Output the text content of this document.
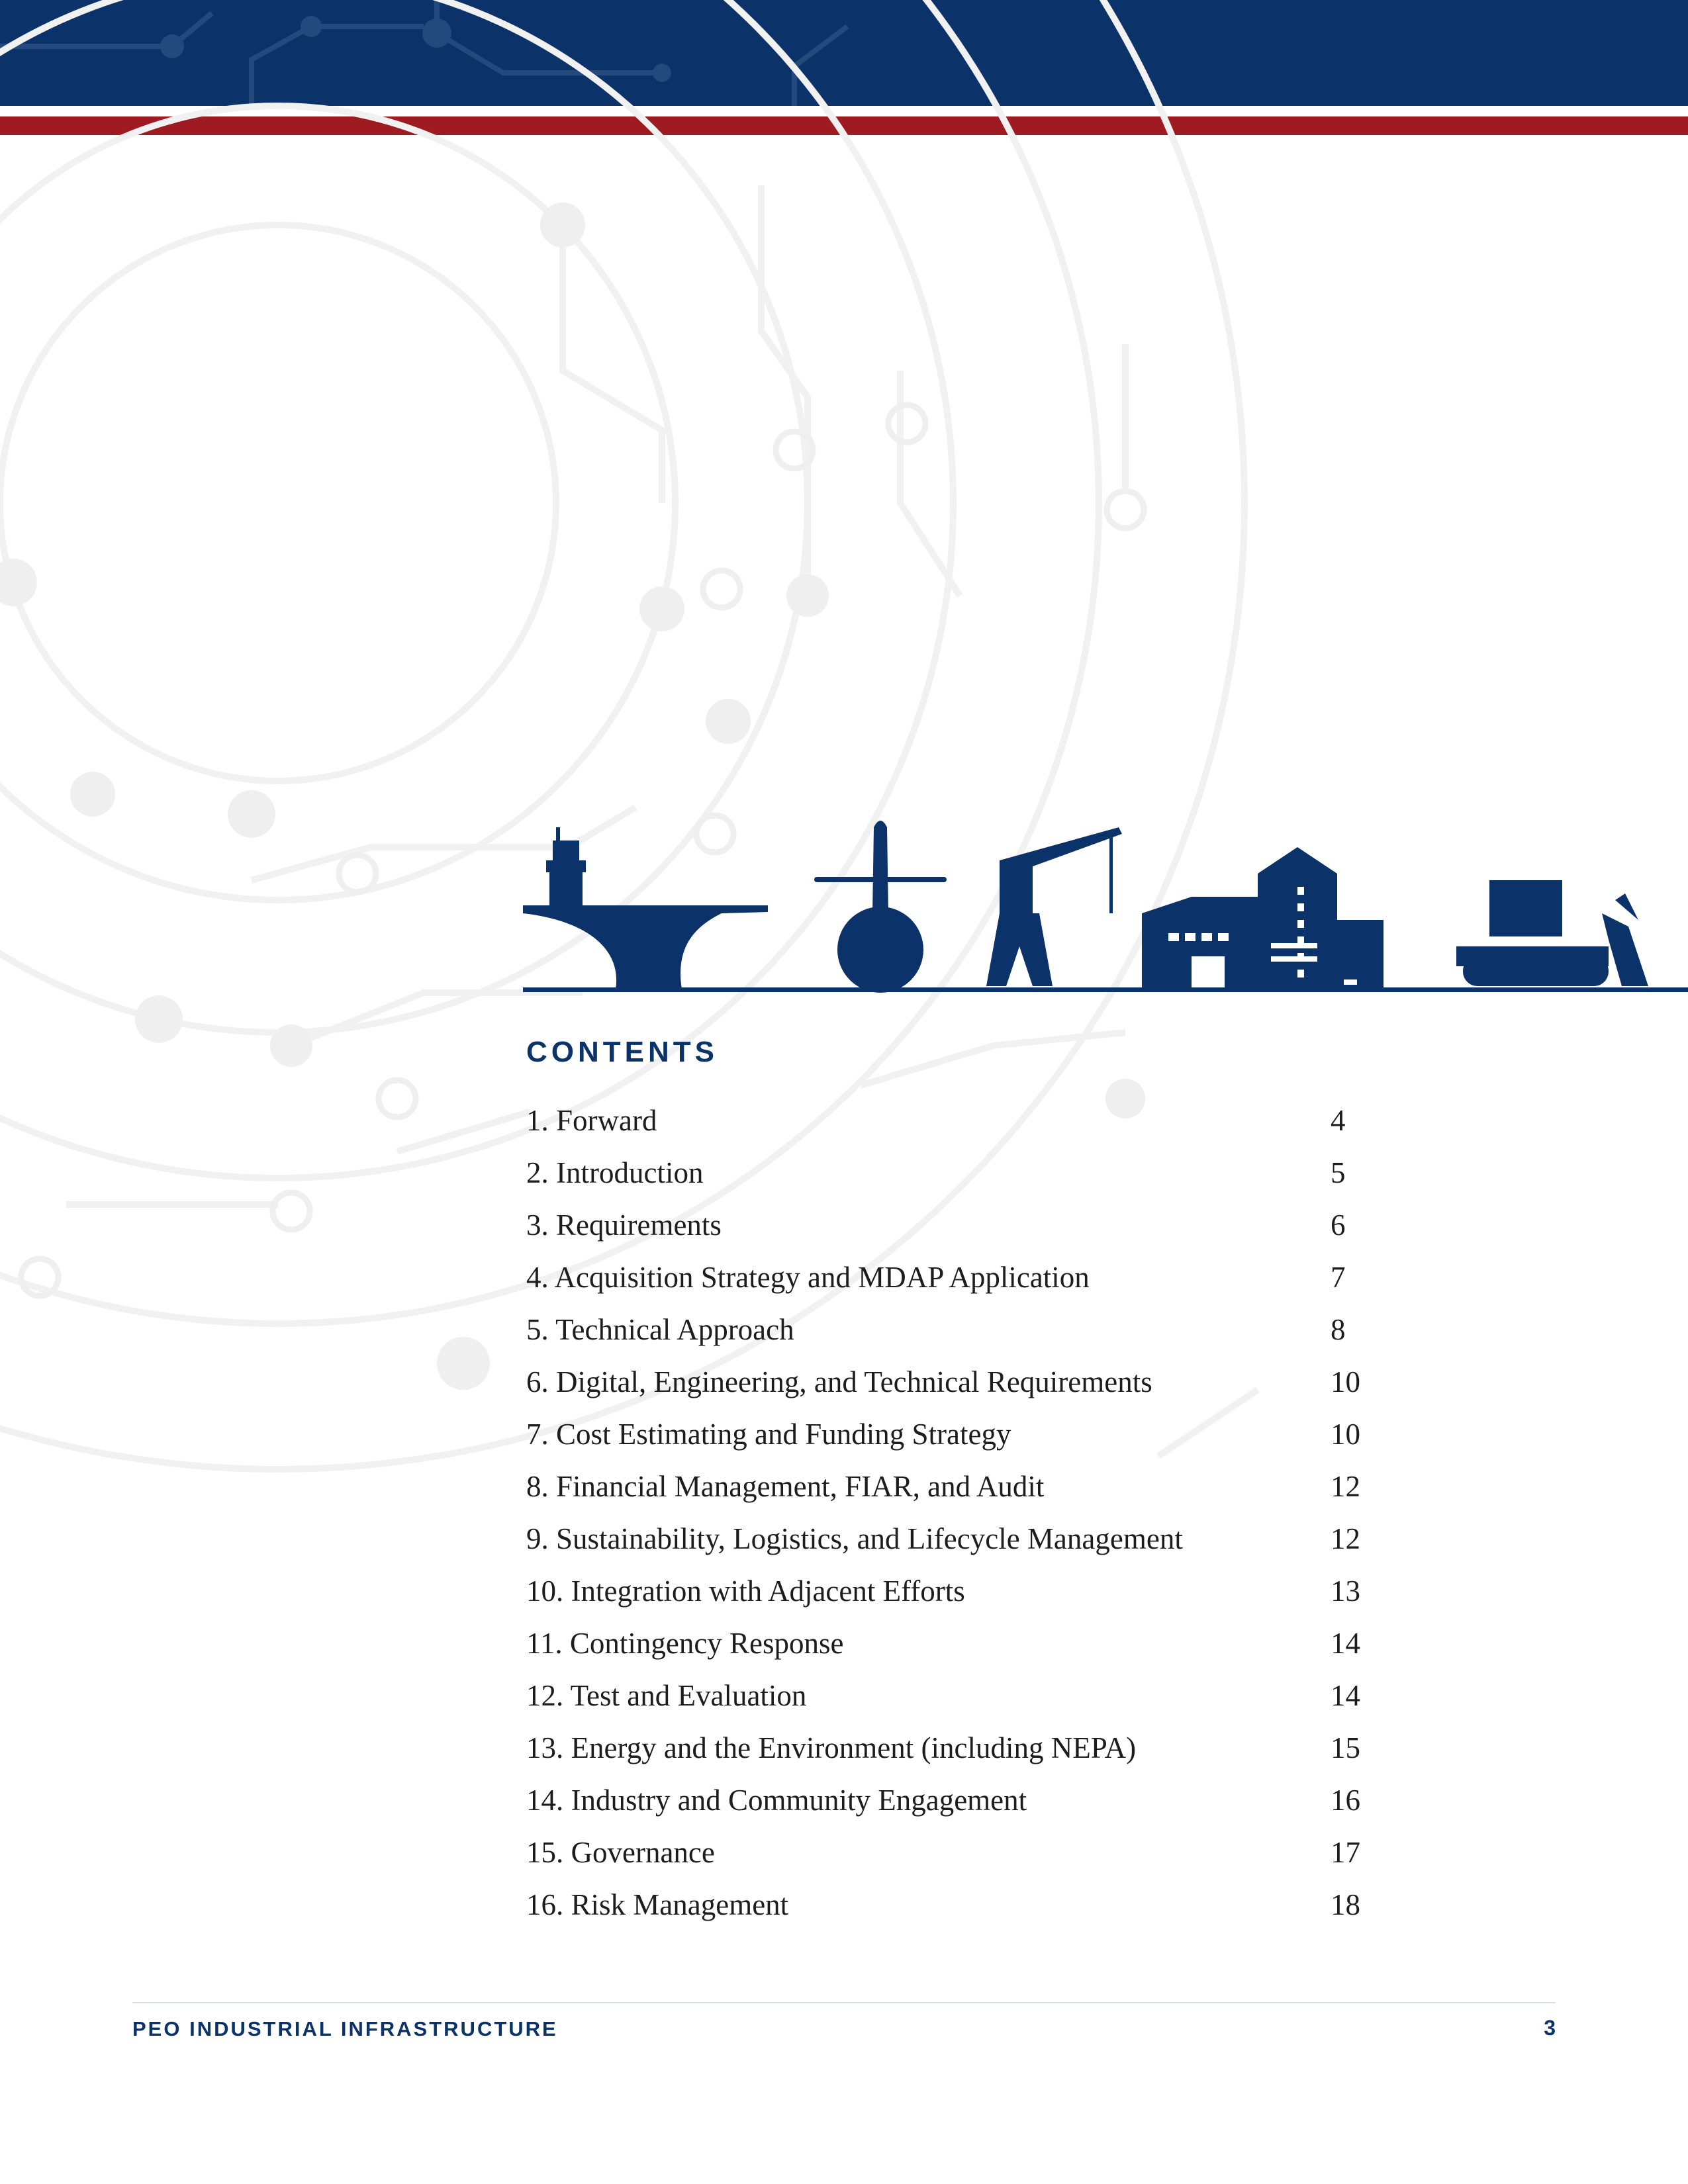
CONTENTS
1. Forward	4
2. Introduction	5
3. Requirements	6
4. Acquisition Strategy and MDAP Application	7
5. Technical Approach	8
6. Digital, Engineering, and Technical Requirements	10
7. Cost Estimating and Funding Strategy	10
8. Financial Management, FIAR, and Audit	12
9. Sustainability, Logistics, and Lifecycle Management	12
10. Integration with Adjacent Efforts	13
11. Contingency Response	14
12. Test and Evaluation	14
13. Energy and the Environment (including NEPA)	15
14. Industry and Community Engagement	16
15. Governance	17
16. Risk Management	18
PEO INDUSTRIAL INFRASTRUCTURE	3
